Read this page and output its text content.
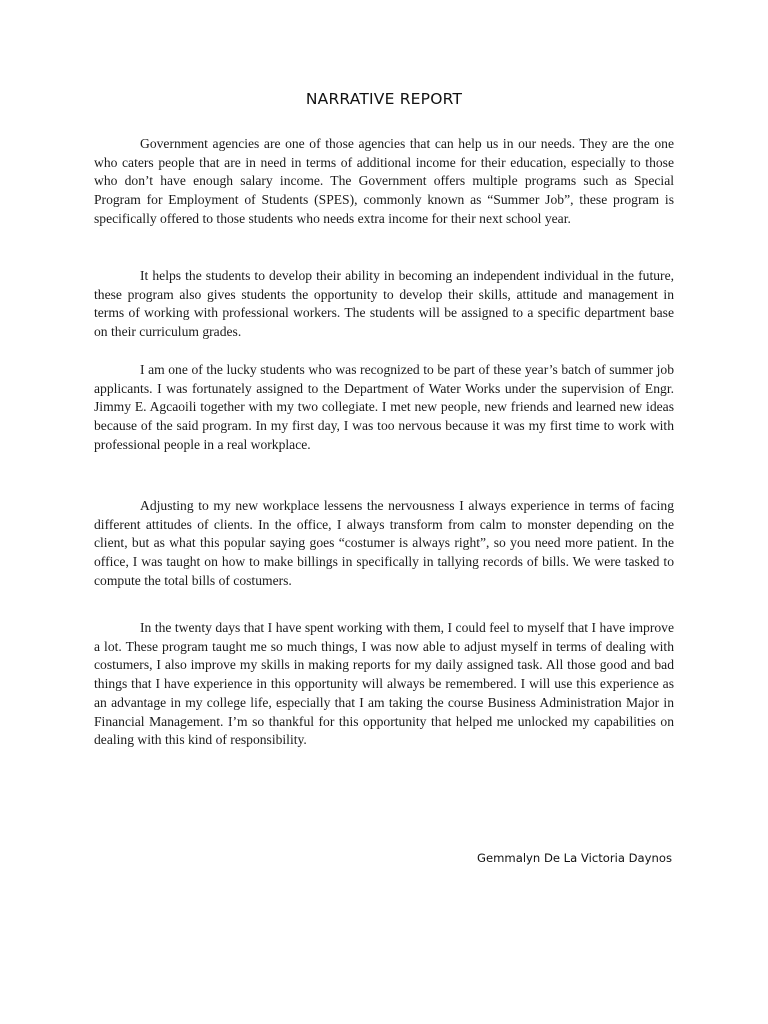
NARRATIVE REPORT

Government agencies are one of those agencies that can help us in our needs. They are the one who caters people that are in need in terms of additional income for their education, especially to those who don’t have enough salary income. The Government offers multiple programs such as Special Program for Employment of Students (SPES), commonly known as “Summer Job”, these program is specifically offered to those students who needs extra income for their next school year.

It helps the students to develop their ability in becoming an independent individual in the future, these program also gives students the opportunity to develop their skills, attitude and management in terms of working with professional workers. The students will be assigned to a specific department base on their curriculum grades.

I am one of the lucky students who was recognized to be part of these year’s batch of summer job applicants. I was fortunately assigned to the Department of Water Works under the supervision of Engr. Jimmy E. Agcaoili together with my two collegiate. I met new people, new friends and learned new ideas because of the said program. In my first day, I was too nervous because it was my first time to work with professional people in a real workplace.

Adjusting to my new workplace lessens the nervousness I always experience in terms of facing different attitudes of clients. In the office, I always transform from calm to monster depending on the client, but as what this popular saying goes “costumer is always right”, so you need more patient. In the office, I was taught on how to make billings in specifically in tallying records of bills. We were tasked to compute the total bills of costumers.

In the twenty days that I have spent working with them, I could feel to myself that I have improve a lot. These program taught me so much things, I was now able to adjust myself in terms of dealing with costumers, I also improve my skills in making reports for my daily assigned task. All those good and bad things that I have experience in this opportunity will always be remembered. I will use this experience as an advantage in my college life, especially that I am taking the course Business Administration Major in Financial Management. I’m so thankful for this opportunity that helped me unlocked my capabilities on dealing with this kind of responsibility.

Gemmalyn De La Victoria Daynos
